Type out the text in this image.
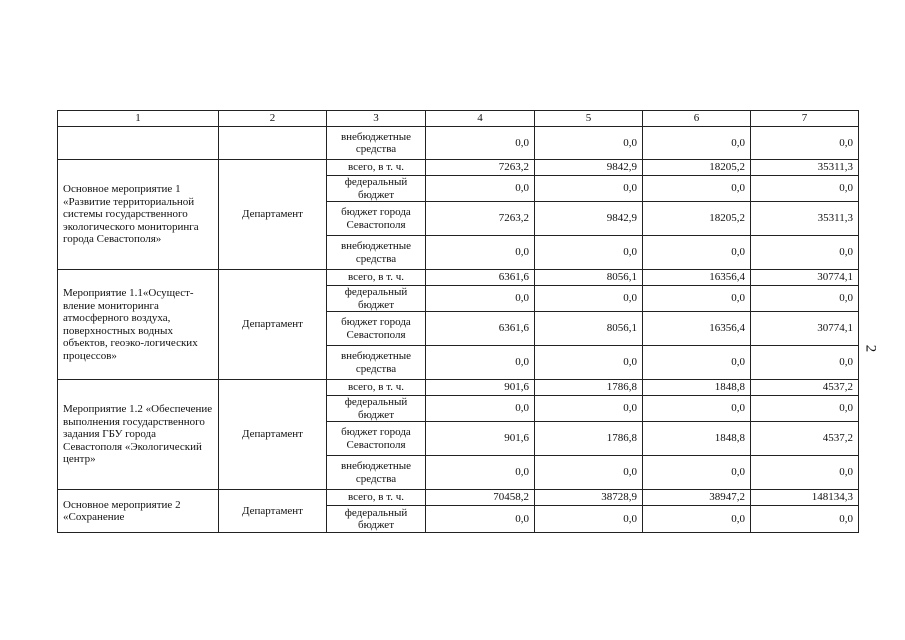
1	2	3	4	5	6	7
		внебюджетные средства	0,0	0,0	0,0	0,0
Основное мероприятие 1 «Развитие территориальной системы государственного экологического мониторинга города Севастополя»	Департамент	всего, в т. ч.	7263,2	9842,9	18205,2	35311,3
		федеральный бюджет	0,0	0,0	0,0	0,0
		бюджет города Севастополя	7263,2	9842,9	18205,2	35311,3
		внебюджетные средства	0,0	0,0	0,0	0,0
Мероприятие 1.1«Осущест-вление мониторинга атмосферного воздуха, поверхностных водных объектов, геоэко-логических процессов»	Департамент	всего, в т. ч.	6361,6	8056,1	16356,4	30774,1
		федеральный бюджет	0,0	0,0	0,0	0,0
		бюджет города Севастополя	6361,6	8056,1	16356,4	30774,1
		внебюджетные средства	0,0	0,0	0,0	0,0
Мероприятие 1.2 «Обеспечение выполнения государственного задания ГБУ города Севастополя «Экологический центр»	Департамент	всего, в т. ч.	901,6	1786,8	1848,8	4537,2
		федеральный бюджет	0,0	0,0	0,0	0,0
		бюджет города Севастополя	901,6	1786,8	1848,8	4537,2
		внебюджетные средства	0,0	0,0	0,0	0,0
Основное мероприятие 2 «Сохранение	Департамент	всего, в т. ч.	70458,2	38728,9	38947,2	148134,3
		федеральный бюджет	0,0	0,0	0,0	0,0
2
